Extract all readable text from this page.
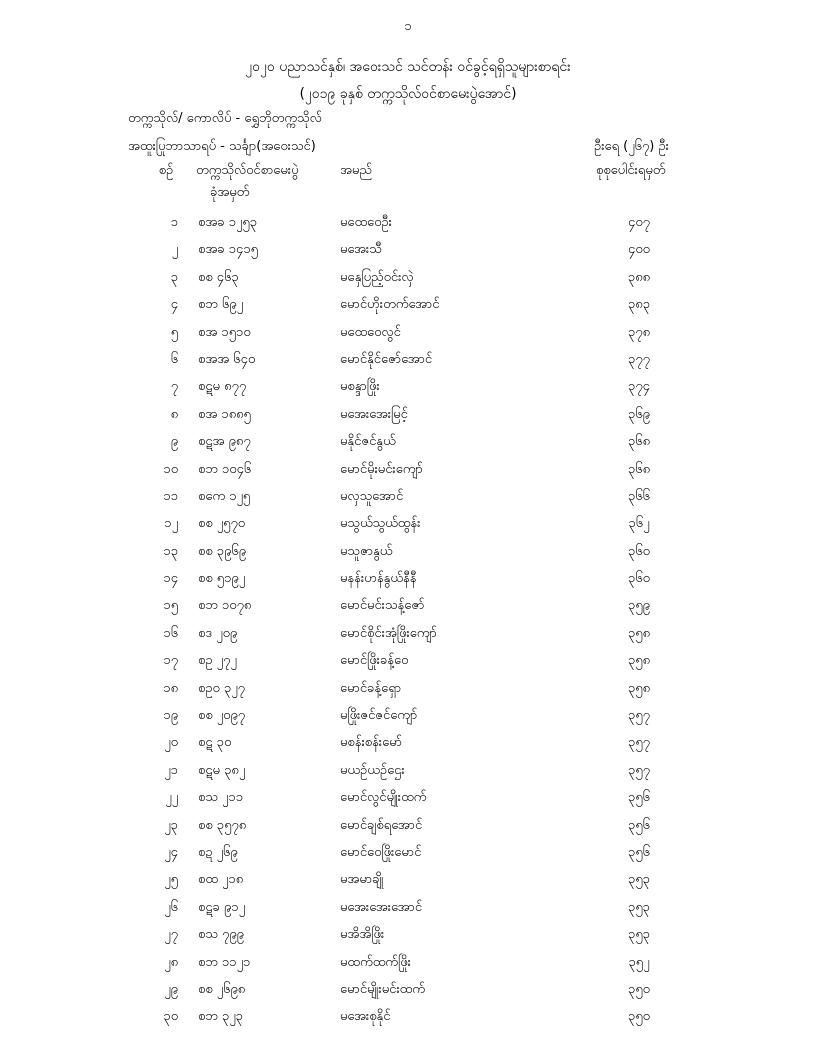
၁
၂၀၂၀ ပညာသင်နှစ်၊ အဝေးသင် သင်တန်း ဝင်ခွင့်ရရှိသူများစာရင်း
(၂၀၁၉ ခုနှစ် တက္ကသိုလ်ဝင်စာမေးပွဲအောင်)
တက္ကသိုလ်/ ကောလိပ် - ရွှေဘိုတက္ကသိုလ်
အထူးပြုဘာသာရပ် - သင်္ချာ(အဝေးသင်)	ဦးရေ (၂၆၇) ဦး
စဉ်	တက္ကသိုလ်ဝင်စာမေးပွဲ
ခုံအမှတ်
အမည်	စုစုပေါင်းရမှတ်
၁ စအခ ၁၂၅၃	မထေဝေဦး	၄၀၇
၂ စအခ ၁၄၁၅	မအေးသီ	၄၀၀
၃ စစ ၄၆၃	မနှေပြည့်ဝင်းလှဲ	၃၈၈
၄ စဘ ၆၉၂	မောင်ဟိုးတက်အောင်	၃၈၃
၅ စအ ၁၅၁၀	မထေဝေလွင်	၃၇၈
၆ စအအ ၆၄၀	မောင်နိုင်ဇော်အောင်	၃၇၇
၇ စဋမ ၈၇၇	မစန္ဒာဖြိုး	၃၇၄
၈ စအ ၁၈၈၅	မအေးအေးမြင့်	၃၆၉
၉ စဋအ ၉၈၇	မနိုင်ဇင်နွယ်	၃၆၈
၁၀ စဘ ၁၀၄၆	မောင်မိုးမင်းကျော်	၃၆၈
၁၁ စကေ ၁၂၅	မလှသူအောင်	၃၆၆
၁၂ စစ ၂၅၇၀	မသွယ်သွယ်ထွန်း	၃၆၂
၁၃ စစ ၃၉၆၉	မသူဇာနွယ်	၃၆၀
၁၄ စစ ၅၁၉၂	မနန်းဟန်နွယ်နီနီ	၃၆၀
၁၅ စဘ ၁၀၇၈	မောင်မင်းသန့်ဇော်	၃၅၉
၁၆ စဒ ၂၀၉	မောင်စိုင်းအုံဖြိုးကျော်	၃၅၈
၁၇ စဥ ၂၇၂	မောင်ဖြိုးခန့်ဝေ	၃၅၈
၁၈ စဥဝ ၃၂၇	မောင်ခန့်ရှော	၃၅၈
၁၉ စစ ၂၀၉၇	မဖြိုးဇင်ဇင်ကျော်	၃၅၇
၂၀ စဋ ၃၀	မစန်းစန်းမော်	၃၅၇
၂၁ စဋမ ၃၈၂	မယဉ်ယဉ်ဌေး	၃၅၇
၂၂ စသ ၂၁၁	မောင်လွင်မျိုးထက်	၃၅၆
၂၃ စစ ၃၅၇၈	မောင်ချစ်ရအောင်	၃၅၆
၂၄ စဍ ၂၆၉	မောင်ဝေဖြိုးမောင်	၃၅၆
၂၅ စထ ၂၁၈	မအမာချို	၃၅၃
၂၆ စဋခ ၉၁၂	မအေးအေးအောင်	၃၅၃
၂၇ စသ ၇၉၉	မအိအိဖြိုး	၃၅၃
၂၈ စဘ ၁၁၂၁	မထက်ထက်ဖြိုး	၃၅၂
၂၉ စစ ၂၆၉၈	မောင်မျိုးမင်းထက်	၃၅၀
၃၀ စဘ ၃၂၃	မအေးစုနိုင်	၃၅၀
